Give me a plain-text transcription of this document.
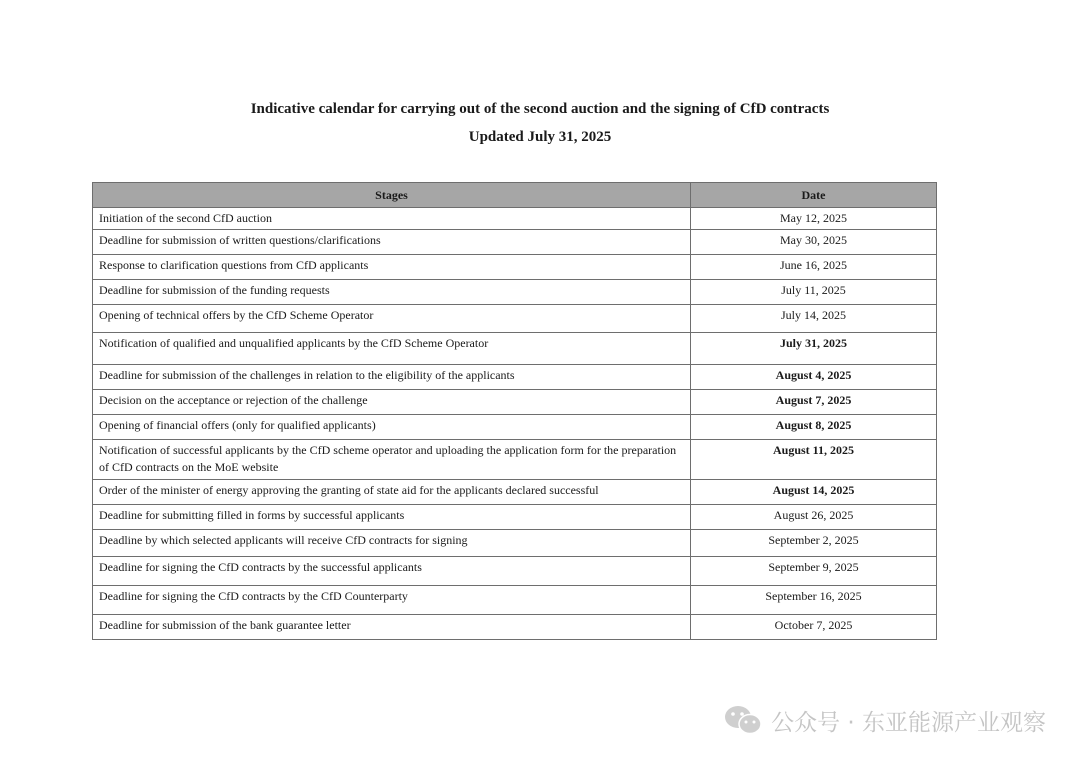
Indicative calendar for carrying out of the second auction and the signing of CfD contracts
Updated July 31, 2025
Stages	Date
Initiation of the second CfD auction	May 12, 2025
Deadline for submission of written questions/clarifications	May 30, 2025
Response to clarification questions from CfD applicants	June 16, 2025
Deadline for submission of the funding requests	July 11, 2025
Opening of technical offers by the CfD Scheme Operator	July 14, 2025
Notification of qualified and unqualified applicants by the CfD Scheme Operator	July 31, 2025
Deadline for submission of the challenges in relation to the eligibility of the applicants	August 4, 2025
Decision on the acceptance or rejection of the challenge	August 7, 2025
Opening of financial offers (only for qualified applicants)	August 8, 2025
Notification of successful applicants by the CfD scheme operator and uploading the application form for the preparation of CfD contracts on the MoE website	August 11, 2025
Order of the minister of energy approving the granting of state aid for the applicants declared successful	August 14, 2025
Deadline for submitting filled in forms by successful applicants	August 26, 2025
Deadline by which selected applicants will receive CfD contracts for signing	September 2, 2025
Deadline for signing the CfD contracts by the successful applicants	September 9, 2025
Deadline for signing the CfD contracts by the CfD Counterparty	September 16, 2025
Deadline for submission of the bank guarantee letter	October 7, 2025
公众号 · 东亚能源产业观察
